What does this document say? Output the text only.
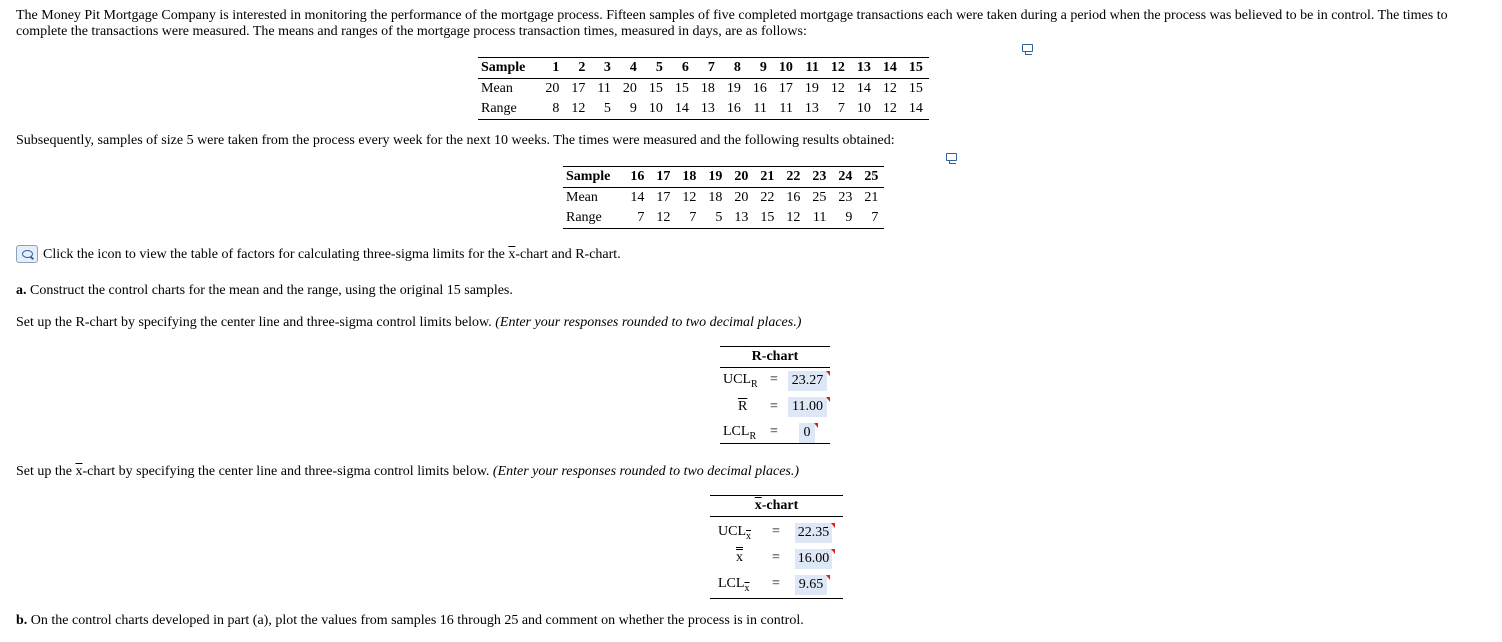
The Money Pit Mortgage Company is interested in monitoring the performance of the mortgage process. Fifteen samples of five completed mortgage transactions each were taken during a period when the process was believed to be in control. The times to complete the transactions were measured. The means and ranges of the mortgage process transaction times, measured in days, are as follows:
Sample	1	2	3	4	5	6	7	8	9	10	11	12	13	14	15
Mean	20	17	11	20	15	15	18	19	16	17	19	12	14	12	15
Range	8	12	5	9	10	14	13	16	11	11	13	7	10	12	14
Subsequently, samples of size 5 were taken from the process every week for the next 10 weeks. The times were measured and the following results obtained:
Sample	16	17	18	19	20	21	22	23	24	25
Mean	14	17	12	18	20	22	16	25	23	21
Range	7	12	7	5	13	15	12	11	9	7
Click the icon to view the table of factors for calculating three-sigma limits for the $\overline{x}$-chart and R-chart.
a. Construct the control charts for the mean and the range, using the original 15 samples.
Set up the R-chart by specifying the center line and three-sigma control limits below. (Enter your responses rounded to two decimal places.)
R-chart
$UCL_R = 23.27$
$\overline{R} = 11.00$
$LCL_R$ =	0
Set up the $\overline{x}$-chart by specifying the center line and three-sigma control limits below. (Enter your responses rounded to two decimal places.)
$\overline{x}$-chart
$UCL_{\overline{x}} = 22.35$
x = 16.00
$LCL_{\overline{x}} = 9.65$
b. On the control charts developed in part (a), plot the values from samples 16 through 25 and comment on whether the process is in control.
